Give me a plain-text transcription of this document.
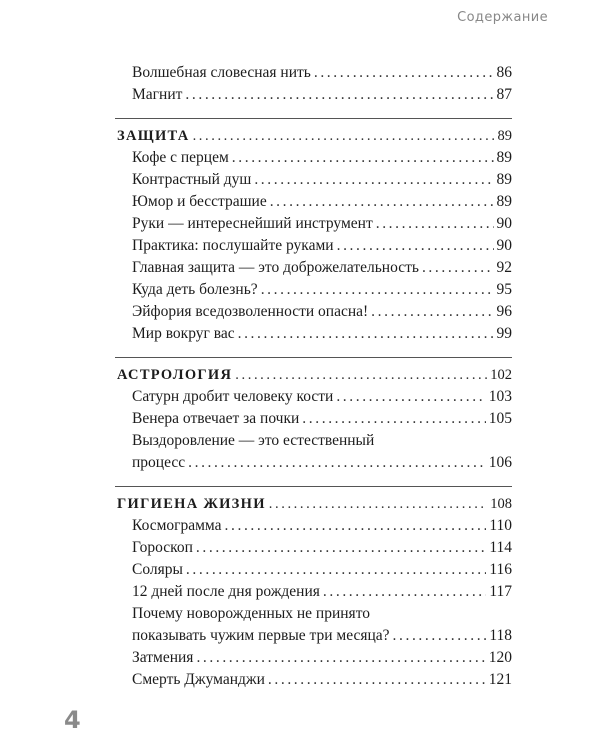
Содержание
Волшебная словесная нить .....	86
Магнит .....	87
ЗАЩИТА .....	89
Кофе с перцем .....	89
Контрастный душ .....	89
Юмор и бесстрашие .....	89
Руки — интереснейший инструмент .....	90
Практика: послушайте руками .....	90
Главная защита — это доброжелательность .....	92
Куда деть болезнь? .....	95
Эйфория вседозволенности опасна! .....	96
Мир вокруг вас .....	99
АСТРОЛОГИЯ .....	102
Сатурн дробит человеку кости .....	103
Венера отвечает за почки .....	105
Выздоровление — это естественный
процесс .....	106
ГИГИЕНА ЖИЗНИ .....	108
Космограмма .....	110
Гороскоп .....	114
Соляры .....	116
12 дней после дня рождения .....	117
Почему новорожденных не принято
показывать чужим первые три месяца? .....	118
Затмения .....	120
Смерть Джуманджи .....	121
4
